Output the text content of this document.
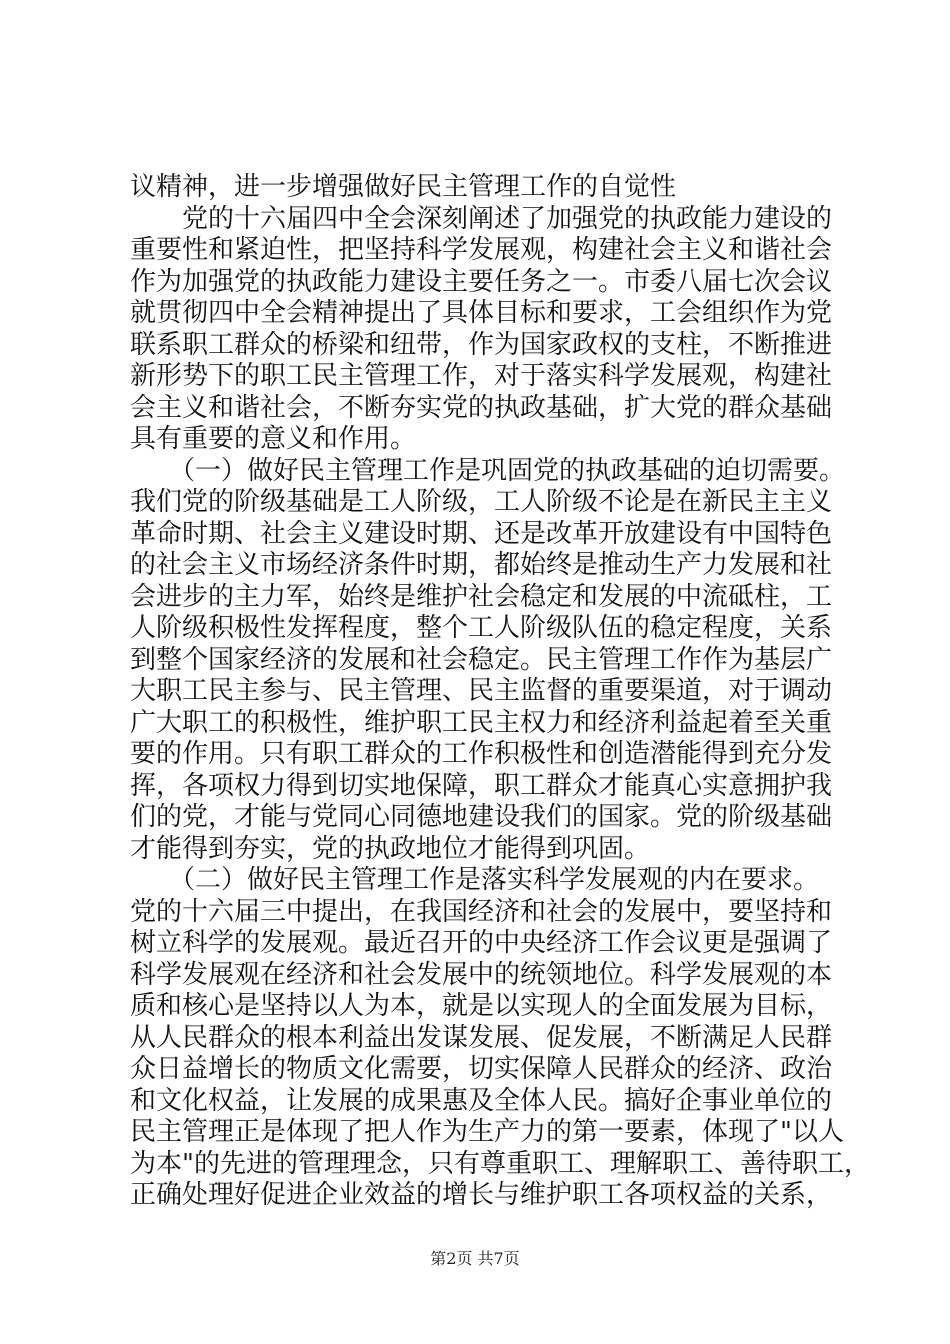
议精神，进一步增强做好民主管理工作的自觉性
　　党的十六届四中全会深刻阐述了加强党的执政能力建设的
重要性和紧迫性，把坚持科学发展观，构建社会主义和谐社会
作为加强党的执政能力建设主要任务之一。市委八届七次会议
就贯彻四中全会精神提出了具体目标和要求，工会组织作为党
联系职工群众的桥梁和纽带，作为国家政权的支柱，不断推进
新形势下的职工民主管理工作，对于落实科学发展观，构建社
会主义和谐社会，不断夯实党的执政基础，扩大党的群众基础
具有重要的意义和作用。
　　（一）做好民主管理工作是巩固党的执政基础的迫切需要。
我们党的阶级基础是工人阶级，工人阶级不论是在新民主主义
革命时期、社会主义建设时期、还是改革开放建设有中国特色
的社会主义市场经济条件时期，都始终是推动生产力发展和社
会进步的主力军，始终是维护社会稳定和发展的中流砥柱，工
人阶级积极性发挥程度，整个工人阶级队伍的稳定程度，关系
到整个国家经济的发展和社会稳定。民主管理工作作为基层广
大职工民主参与、民主管理、民主监督的重要渠道，对于调动
广大职工的积极性，维护职工民主权力和经济利益起着至关重
要的作用。只有职工群众的工作积极性和创造潜能得到充分发
挥，各项权力得到切实地保障，职工群众才能真心实意拥护我
们的党，才能与党同心同德地建设我们的国家。党的阶级基础
才能得到夯实，党的执政地位才能得到巩固。
　　（二）做好民主管理工作是落实科学发展观的内在要求。
党的十六届三中提出，在我国经济和社会的发展中，要坚持和
树立科学的发展观。最近召开的中央经济工作会议更是强调了
科学发展观在经济和社会发展中的统领地位。科学发展观的本
质和核心是坚持以人为本，就是以实现人的全面发展为目标，
从人民群众的根本利益出发谋发展、促发展，不断满足人民群
众日益增长的物质文化需要，切实保障人民群众的经济、政治
和文化权益，让发展的成果惠及全体人民。搞好企事业单位的
民主管理正是体现了把人作为生产力的第一要素，体现了"以人
为本"的先进的管理理念，只有尊重职工、理解职工、善待职工，
正确处理好促进企业效益的增长与维护职工各项权益的关系，
第2页 共7页
